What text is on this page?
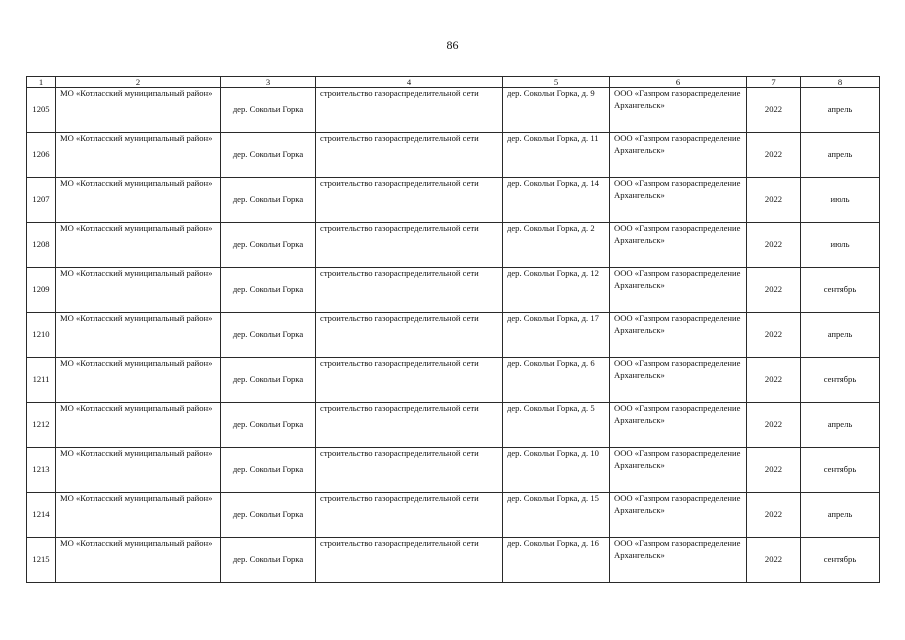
86
1	2	3	4	5	6	7	8
1205	МО «Котласский муниципальный район»	дер. Сокольи Горка	строительство газораспределительной сети	дер. Сокольи Горка, д. 9	ООО «Газпром газораспределение Архангельск»	2022	апрель
1206	МО «Котласский муниципальный район»	дер. Сокольи Горка	строительство газораспределительной сети	дер. Сокольи Горка, д. 11	ООО «Газпром газораспределение Архангельск»	2022	апрель
1207	МО «Котласский муниципальный район»	дер. Сокольи Горка	строительство газораспределительной сети	дер. Сокольи Горка, д. 14	ООО «Газпром газораспределение Архангельск»	2022	июль
1208	МО «Котласский муниципальный район»	дер. Сокольи Горка	строительство газораспределительной сети	дер. Сокольи Горка, д. 2	ООО «Газпром газораспределение Архангельск»	2022	июль
1209	МО «Котласский муниципальный район»	дер. Сокольи Горка	строительство газораспределительной сети	дер. Сокольи Горка, д. 12	ООО «Газпром газораспределение Архангельск»	2022	сентябрь
1210	МО «Котласский муниципальный район»	дер. Сокольи Горка	строительство газораспределительной сети	дер. Сокольи Горка, д. 17	ООО «Газпром газораспределение Архангельск»	2022	апрель
1211	МО «Котласский муниципальный район»	дер. Сокольи Горка	строительство газораспределительной сети	дер. Сокольи Горка, д. 6	ООО «Газпром газораспределение Архангельск»	2022	сентябрь
1212	МО «Котласский муниципальный район»	дер. Сокольи Горка	строительство газораспределительной сети	дер. Сокольи Горка, д. 5	ООО «Газпром газораспределение Архангельск»	2022	апрель
1213	МО «Котласский муниципальный район»	дер. Сокольи Горка	строительство газораспределительной сети	дер. Сокольи Горка, д. 10	ООО «Газпром газораспределение Архангельск»	2022	сентябрь
1214	МО «Котласский муниципальный район»	дер. Сокольи Горка	строительство газораспределительной сети	дер. Сокольи Горка, д. 15	ООО «Газпром газораспределение Архангельск»	2022	апрель
1215	МО «Котласский муниципальный район»	дер. Сокольи Горка	строительство газораспределительной сети	дер. Сокольи Горка, д. 16	ООО «Газпром газораспределение Архангельск»	2022	сентябрь
